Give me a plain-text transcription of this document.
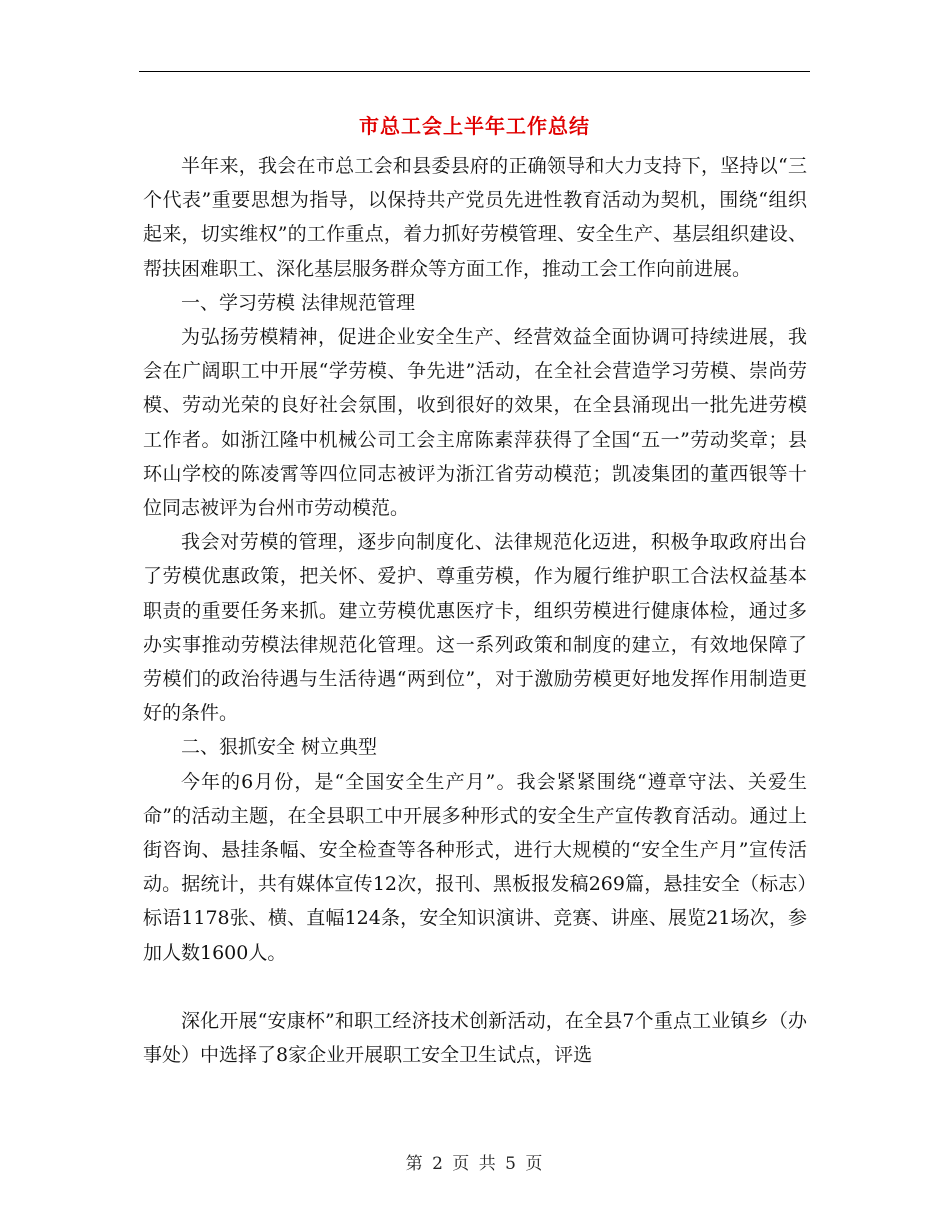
市总工会上半年工作总结

半年来，我会在市总工会和县委县府的正确领导和大力支持下，坚持以“三个代表”重要思想为指导，以保持共产党员先进性教育活动为契机，围绕“组织起来，切实维权”的工作重点，着力抓好劳模管理、安全生产、基层组织建设、帮扶困难职工、深化基层服务群众等方面工作，推动工会工作向前进展。

一、学习劳模 法律规范管理

为弘扬劳模精神，促进企业安全生产、经营效益全面协调可持续进展，我会在广阔职工中开展“学劳模、争先进”活动，在全社会营造学习劳模、崇尚劳模、劳动光荣的良好社会氛围，收到很好的效果，在全县涌现出一批先进劳模工作者。如浙江隆中机械公司工会主席陈素萍获得了全国“五一”劳动奖章；县环山学校的陈凌霄等四位同志被评为浙江省劳动模范；凯凌集团的董西银等十位同志被评为台州市劳动模范。

我会对劳模的管理，逐步向制度化、法律规范化迈进，积极争取政府出台了劳模优惠政策，把关怀、爱护、尊重劳模，作为履行维护职工合法权益基本职责的重要任务来抓。建立劳模优惠医疗卡，组织劳模进行健康体检，通过多办实事推动劳模法律规范化管理。这一系列政策和制度的建立，有效地保障了劳模们的政治待遇与生活待遇“两到位”，对于激励劳模更好地发挥作用制造更好的条件。

二、狠抓安全 树立典型

今年的6月份，是“全国安全生产月”。我会紧紧围绕“遵章守法、关爱生命”的活动主题，在全县职工中开展多种形式的安全生产宣传教育活动。通过上街咨询、悬挂条幅、安全检查等各种形式，进行大规模的“安全生产月”宣传活动。据统计，共有媒体宣传12次，报刊、黑板报发稿269篇，悬挂安全（标志）标语1178张、横、直幅124条，安全知识演讲、竞赛、讲座、展览21场次，参加人数1600人。

深化开展“安康杯”和职工经济技术创新活动，在全县7个重点工业镇乡（办事处）中选择了8家企业开展职工安全卫生试点，评选

第 2 页 共 5 页
